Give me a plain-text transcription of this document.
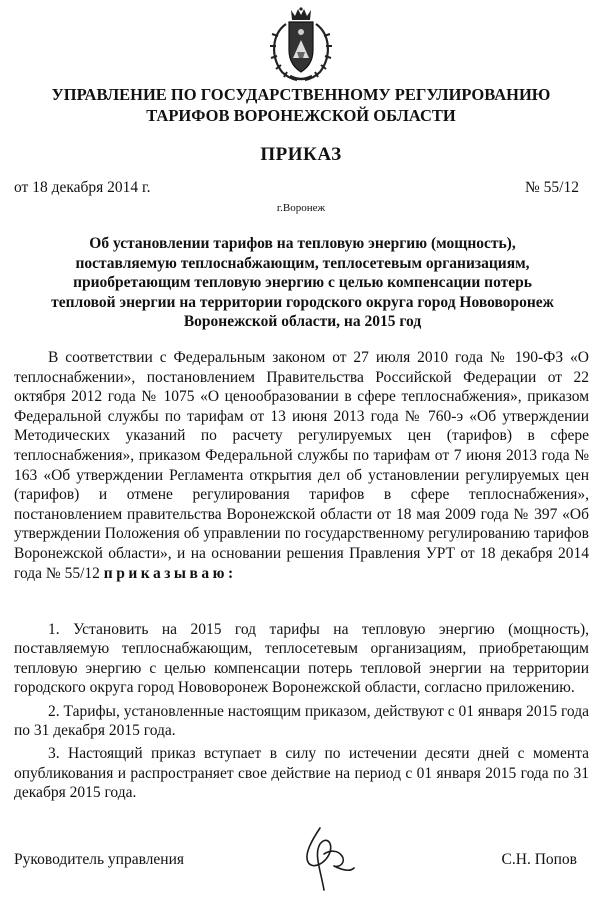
УПРАВЛЕНИЕ ПО ГОСУДАРСТВЕННОМУ РЕГУЛИРОВАНИЮ
ТАРИФОВ ВОРОНЕЖСКОЙ ОБЛАСТИ
ПРИКАЗ
от 18 декабря 2014 г.	№ 55/12
г.Воронеж
Об установлении тарифов на тепловую энергию (мощность), поставляемую теплоснабжающим, теплосетевым организациям, приобретающим тепловую энергию с целью компенсации потерь тепловой энергии на территории городского округа город Нововоронеж Воронежской области, на 2015 год
В соответствии с Федеральным законом от 27 июля 2010 года № 190-ФЗ «О теплоснабжении», постановлением Правительства Российской Федерации от 22 октября 2012 года № 1075 «О ценообразовании в сфере теплоснабжения», приказом Федеральной службы по тарифам от 13 июня 2013 года № 760-э «Об утверждении Методических указаний по расчету регулируемых цен (тарифов) в сфере теплоснабжения», приказом Федеральной службы по тарифам от 7 июня 2013 года № 163 «Об утверждении Регламента открытия дел об установлении регулируемых цен (тарифов) и отмене регулирования тарифов в сфере теплоснабжения», постановлением правительства Воронежской области от 18 мая 2009 года № 397 «Об утверждении Положения об управлении по государственному регулированию тарифов Воронежской области», и на основании решения Правления УРТ от 18 декабря 2014 года № 55/12 приказываю:

1. Установить на 2015 год тарифы на тепловую энергию (мощность), поставляемую теплоснабжающим, теплосетевым организациям, приобретающим тепловую энергию с целью компенсации потерь тепловой энергии на территории городского округа город Нововоронеж Воронежской области, согласно приложению.

2. Тарифы, установленные настоящим приказом, действуют с 01 января 2015 года по 31 декабря 2015 года.

3. Настоящий приказ вступает в силу по истечении десяти дней с момента опубликования и распространяет свое действие на период с 01 января 2015 года по 31 декабря 2015 года.

Руководитель управления	С.Н. Попов
